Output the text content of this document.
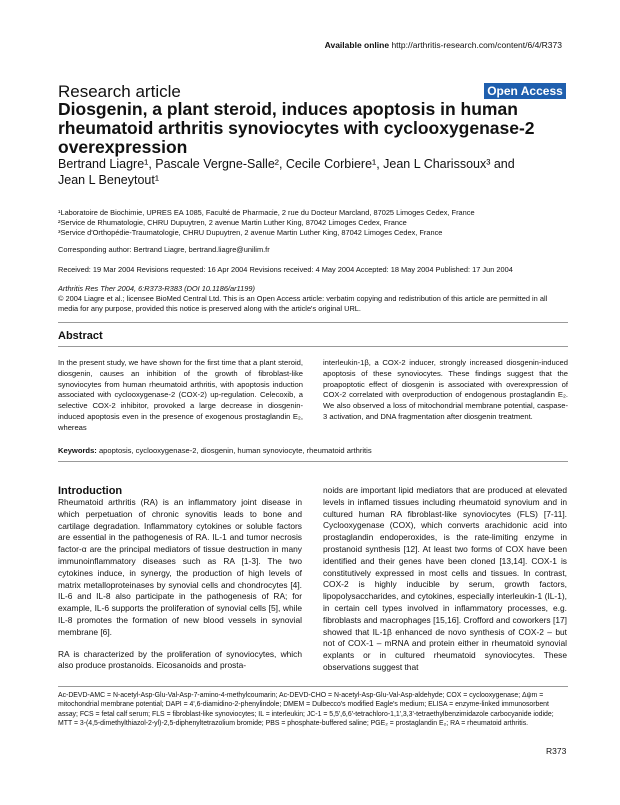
Available online http://arthritis-research.com/content/6/4/R373
Research article	Open Access
Diosgenin, a plant steroid, induces apoptosis in human rheumatoid arthritis synoviocytes with cyclooxygenase-2 overexpression
Bertrand Liagre¹, Pascale Vergne-Salle², Cecile Corbiere¹, Jean L Charissoux³ and Jean L Beneytout¹
¹Laboratoire de Biochimie, UPRES EA 1085, Faculté de Pharmacie, 2 rue du Docteur Marcland, 87025 Limoges Cedex, France
²Service de Rhumatologie, CHRU Dupuytren, 2 avenue Martin Luther King, 87042 Limoges Cedex, France
³Service d'Orthopédie-Traumatologie, CHRU Dupuytren, 2 avenue Martin Luther King, 87042 Limoges Cedex, France
Corresponding author: Bertrand Liagre, bertrand.liagre@unilim.fr
Received: 19 Mar 2004 Revisions requested: 16 Apr 2004 Revisions received: 4 May 2004 Accepted: 18 May 2004 Published: 17 Jun 2004
Arthritis Res Ther 2004, 6:R373-R383 (DOI 10.1186/ar1199)
© 2004 Liagre et al.; licensee BioMed Central Ltd. This is an Open Access article: verbatim copying and redistribution of this article are permitted in all media for any purpose, provided this notice is preserved along with the article's original URL.
Abstract
In the present study, we have shown for the first time that a plant steroid, diosgenin, causes an inhibition of the growth of fibroblast-like synoviocytes from human rheumatoid arthritis, with apoptosis induction associated with cyclooxygenase-2 (COX-2) up-regulation. Celecoxib, a selective COX-2 inhibitor, provoked a large decrease in diosgenin-induced apoptosis even in the presence of exogenous prostaglandin E₂, whereas
interleukin-1β, a COX-2 inducer, strongly increased diosgenin-induced apoptosis of these synoviocytes. These findings suggest that the proapoptotic effect of diosgenin is associated with overexpression of COX-2 correlated with overproduction of endogenous prostaglandin E₂. We also observed a loss of mitochondrial membrane potential, caspase-3 activation, and DNA fragmentation after diosgenin treatment.
Keywords: apoptosis, cyclooxygenase-2, diosgenin, human synoviocyte, rheumatoid arthritis
Introduction

Rheumatoid arthritis (RA) is an inflammatory joint disease in which perpetuation of chronic synovitis leads to bone and cartilage degradation. Inflammatory cytokines or soluble factors are essential in the pathogenesis of RA. IL-1 and tumor necrosis factor-α are the principal mediators of tissue destruction in many immunoinflammatory diseases such as RA [1-3]. The two cytokines induce, in synergy, the production of high levels of matrix metalloproteinases by synovial cells and chondrocytes [4]. IL-6 and IL-8 also participate in the pathogenesis of RA; for example, IL-6 supports the proliferation of synovial cells [5], while IL-8 promotes the formation of new blood vessels in synovial membrane [6].

RA is characterized by the proliferation of synoviocytes, which also produce prostanoids. Eicosanoids and prosta-

noids are important lipid mediators that are produced at elevated levels in inflamed tissues including rheumatoid synovium and in cultured human RA fibroblast-like synoviocytes (FLS) [7-11]. Cyclooxygenase (COX), which converts arachidonic acid into prostaglandin endoperoxides, is the rate-limiting enzyme in prostanoid synthesis [12]. At least two forms of COX have been identified and their genes have been cloned [13,14]. COX-1 is constitutively expressed in most cells and tissues. In contrast, COX-2 is highly inducible by serum, growth factors, lipopolysaccharides, and cytokines, especially interleukin-1 (IL-1), in certain cell types involved in inflammatory processes, e.g. fibroblasts and macrophages [15,16]. Crofford and coworkers [17] showed that IL-1β enhanced de novo synthesis of COX-2 – but not of COX-1 – mRNA and protein either in rheumatoid synovial explants or in cultured rheumatoid synoviocytes. These observations suggest that

Ac-DEVD-AMC = N-acetyl-Asp-Glu-Val-Asp-7-amino-4-methylcoumarin; Ac-DEVD-CHO = N-acetyl-Asp-Glu-Val-Asp-aldehyde; COX = cyclooxygenase; Δψm = mitochondrial membrane potential; DAPI = 4',6-diamidino-2-phenylindole; DMEM = Dulbecco's modified Eagle's medium; ELISA = enzyme-linked immunosorbent assay; FCS = fetal calf serum; FLS = fibroblast-like synoviocytes; IL = interleukin; JC-1 = 5,5',6,6'-tetrachloro-1,1',3,3'-tetraethylbenzimidazole carbocyanide iodide; MTT = 3-(4,5-dimethylthiazol-2-yl)-2,5-diphenyltetrazolium bromide; PBS = phosphate-buffered saline; PGE₂ = prostaglandin E₂; RA = rheumatoid arthritis.
R373
